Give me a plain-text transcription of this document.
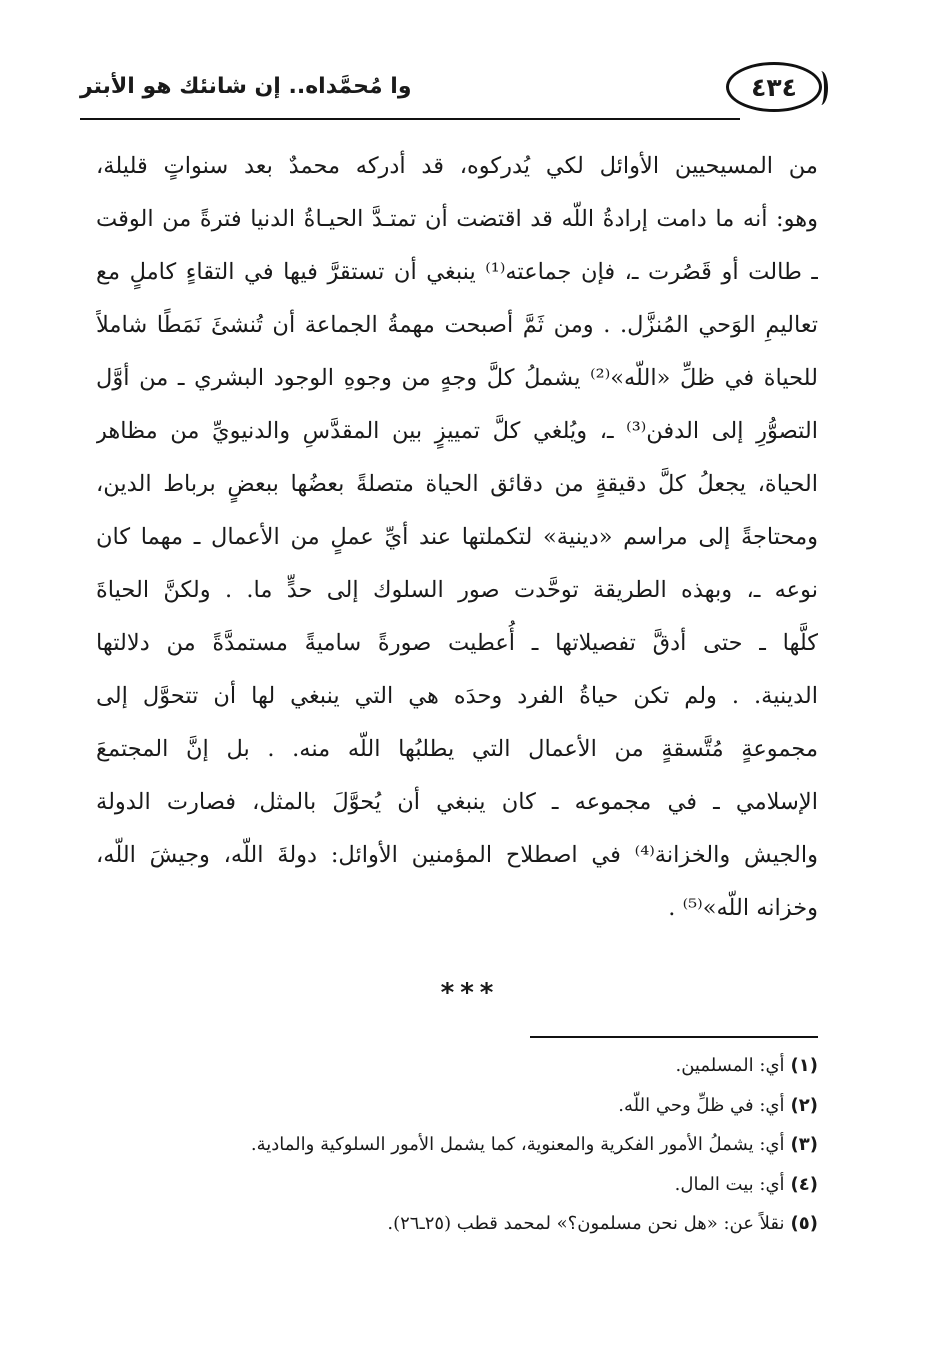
٤٣٤
وا مُحمَّداه.. إن شانئك هو الأبتر
من المسيحيين الأوائل لكي يُدركوه، قد أدركه محمدٌ بعد سنواتٍ قليلة،
وهو: أنه ما دامت إرادةُ اللّه قد اقتضت أن تمتـدَّ الحيـاةُ الدنيا فترةً من الوقت
ـ طالت أو قَصُرت ـ، فإن جماعته⁽¹⁾ ينبغي أن تستقرَّ فيها في التقاءٍ كاملٍ مع
تعاليمِ الوَحي المُنزَّل. . ومن ثَمَّ أصبحت مهمةُ الجماعة أن تُنشئَ نَمَطًا شاملاً
للحياة في ظلِّ «اللّه»⁽²⁾ يشملُ كلَّ وجهٍ من وجوهِ الوجود البشري ـ من أوَّل
التصوُّرِ إلى الدفن⁽³⁾ ـ، ويُلغي كلَّ تمييزٍ بين المقدَّسِ والدنيويِّ من مظاهر
الحياة، يجعلُ كلَّ دقيقةٍ من دقائق الحياة متصلةً بعضُها ببعضٍ برباط الدين،
ومحتاجةً إلى مراسم «دينية» لتكملتها عند أيِّ عملٍ من الأعمال ـ مهما كان
نوعه ـ، وبهذه الطريقة توحَّدت صور السلوك إلى حدٍّ ما. . ولكنَّ الحياةَ
كلَّها ـ حتى أدقَّ تفصيلاتها ـ أُعطيت صورةً ساميةً مستمدَّةً من دلالتها
الدينية. . ولم تكن حياةُ الفرد وحدَه هي التي ينبغي لها أن تتحوَّل إلى
مجموعةٍ مُتَّسقةٍ من الأعمال التي يطلبُها اللّه منه. . بل إنَّ المجتمعَ
الإسلامي ـ في مجموعه ـ كان ينبغي أن يُحوَّلَ بالمثل، فصارت الدولة
والجيش والخزانة⁽⁴⁾ في اصطلاح المؤمنين الأوائل: دولةَ اللّه، وجيشَ اللّه،
وخزانه اللّه»⁽⁵⁾ .
***
(١)أي: المسلمين.
(٢)أي: في ظلِّ وحي اللّه.
(٣)أي: يشملُ الأمور الفكرية والمعنوية، كما يشمل الأمور السلوكية والمادية.
(٤)أي: بيت المال.
(٥)نقلاً عن: «هل نحن مسلمون؟» لمحمد قطب (٢٥ـ٢٦).
